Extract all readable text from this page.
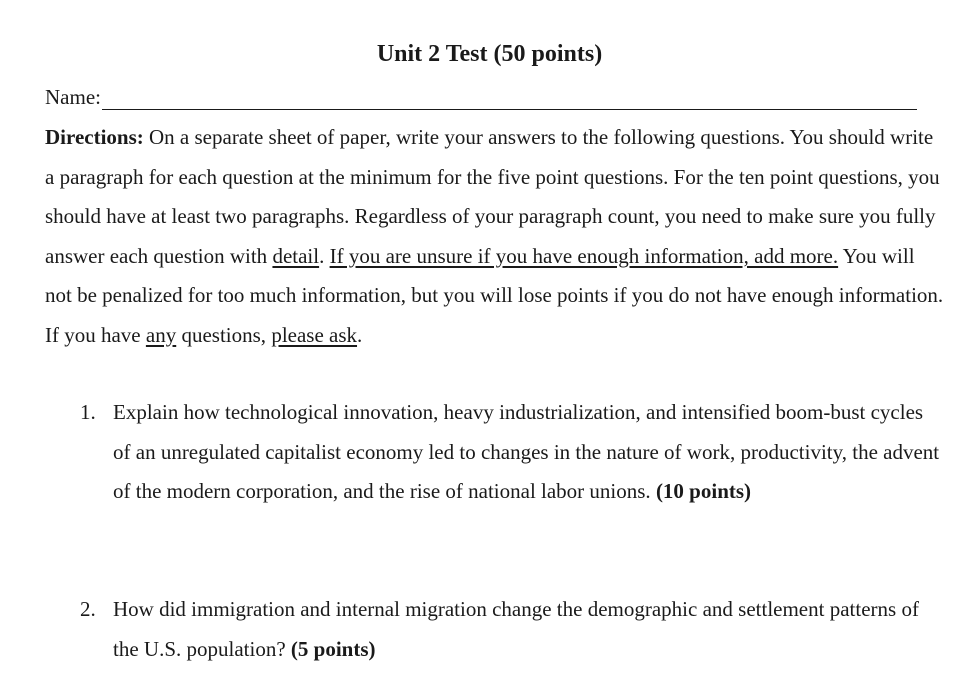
Unit 2 Test (50 points)
Name:

Directions: On a separate sheet of paper, write your answers to the following questions. You should write a paragraph for each question at the minimum for the five point questions. For the ten point questions, you should have at least two paragraphs. Regardless of your paragraph count, you need to make sure you fully answer each question with detail. If you are unsure if you have enough information, add more. You will not be penalized for too much information, but you will lose points if you do not have enough information. If you have any questions, please ask.

1. Explain how technological innovation, heavy industrialization, and intensified boom-bust cycles of an unregulated capitalist economy led to changes in the nature of work, productivity, the advent of the modern corporation, and the rise of national labor unions. (10 points)
2. How did immigration and internal migration change the demographic and settlement patterns of the U.S. population? (5 points)
